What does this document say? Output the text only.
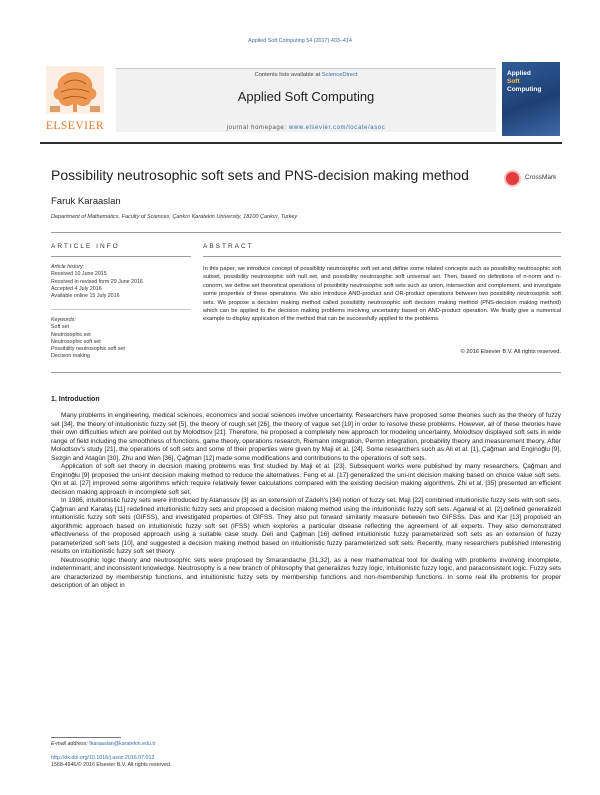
Applied Soft Computing 54 (2017) 403–414
ELSEVIER
Contents lists available at ScienceDirect
Applied Soft Computing
journal homepage: www.elsevier.com/locate/asoc
Applied
Soft
Computing
Possibility neutrosophic soft sets and PNS-decision making method	CrossMark
Faruk Karaaslan
Department of Mathematics, Faculty of Sciences, Çankırı Karatekin University, 18100 Çankırı, Turkey
ARTICLE INFO	ABSTRACT
Article history:
Received 10 June 2015
Received in revised form 29 June 2016
Accepted 4 July 2016
Available online 15 July 2016
Keywords:
Soft set
Neutrosophic set
Neutrosophic soft set
Possibility neutrosophic soft set
Decision making
In this paper, we introduce concept of possibility neutrosophic soft set and define some related concepts such as possibility neutrosophic soft subset, possibility neutrosophic soft null set, and possibility neutrosophic soft universal set. Then, based on definitions of n-norm and n-conorm, we define set theoretical operations of possibility neutrosophic soft sets such as union, intersection and complement, and investigate some properties of these operations. We also introduce AND-product and OR-product operations between two possibility neutrosophic soft sets. We propose a decision making method called possibility neutrosophic soft decision making method (PNS-decision making method) which can be applied to the decision making problems involving uncertainty based on AND-product operation. We finally give a numerical example to display application of the method that can be successfully applied to the problems.
© 2016 Elsevier B.V. All rights reserved.
1. Introduction

Many problems in engineering, medical sciences, economics and social sciences involve uncertainty. Researchers have proposed some theories such as the theory of fuzzy set [34], the theory of intuitionistic fuzzy set [5], the theory of rough set [26], the theory of vague set [19] in order to resolve these problems. However, all of these theories have their own difficulties which are pointed out by Molodtsov [21]. Therefore, he proposed a completely new approach for modeling uncertainty. Molodtsov displayed soft sets in wide range of field including the smoothness of functions, game theory, operations research, Riemann integration, Perron integration, probability theory and measurement theory. After Molodtsov's study [21], the operations of soft sets and some of their properties were given by Maji et al. [24]. Some researchers such as Ali et al. [1], Çağman and Enginoğlu [9], Sezgin and Atagün [30], Zhu and Wen [36], Çağman [12] made some modifications and contributions to the operations of soft sets.

Application of soft set theory in decision making problems was first studied by Maji et al. [23]. Subsequent works were published by many researchers. Çağman and Enginoğlu [9] proposed the uni-int decision making method to reduce the alternatives. Feng et al. [17] generalized the uni-int decision making based on choice value soft sets. Qin et al. [27] improved some algorithms which require relatively fewer calculations compared with the existing decision making algorithms. Zhi et al. [35] presented an efficient decision making approach in incomplete soft set.

In 1986, intuitionistic fuzzy sets were introduced by Atanassov [3] as an extension of Zadeh's [34] notion of fuzzy set. Maji [22] combined intuitionistic fuzzy sets with soft sets. Çağman and Karataş [11] redefined intuitionistic fuzzy sets and proposed a decision making method using the intuitionistic fuzzy soft sets. Agarwal et al. [2] defined generalized intuitionistic fuzzy soft sets (GIFSS), and investigated properties of GIFSS. They also put forward similarity measure between two GIFSSs. Das and Kar [13] proposed an algorithmic approach based on intuitionistic fuzzy soft set (IFSS) which explores a particular disease reflecting the agreement of all experts. They also demonstrated effectiveness of the proposed approach using a suitable case study. Deli and Çağman [16] defined intuitionistic fuzzy parameterized soft sets as an extension of fuzzy parameterized soft sets [10], and suggested a decision making method based on intuitionistic fuzzy parameterized soft sets. Recently, many researchers published interesting results on intuitionistic fuzzy soft set theory.

Neutrosophic logic theory and neutrosophic sets were proposed by Smarandache [31,32], as a new mathematical tool for dealing with problems involving incomplete, indeterminant, and inconsistent knowledge. Neutrosophy is a new branch of philosophy that generalizes fuzzy logic, intuitionistic fuzzy logic, and paraconsistent logic. Fuzzy sets are characterized by membership functions, and intuitionistic fuzzy sets by membership functions and non-membership functions. In some real life problems for proper description of an object in

E-mail address: fkaraaslan@karatekin.edu.tr
http://dx.doi.org/10.1016/j.asoc.2016.07.013
1568-4946/© 2016 Elsevier B.V. All rights reserved.
